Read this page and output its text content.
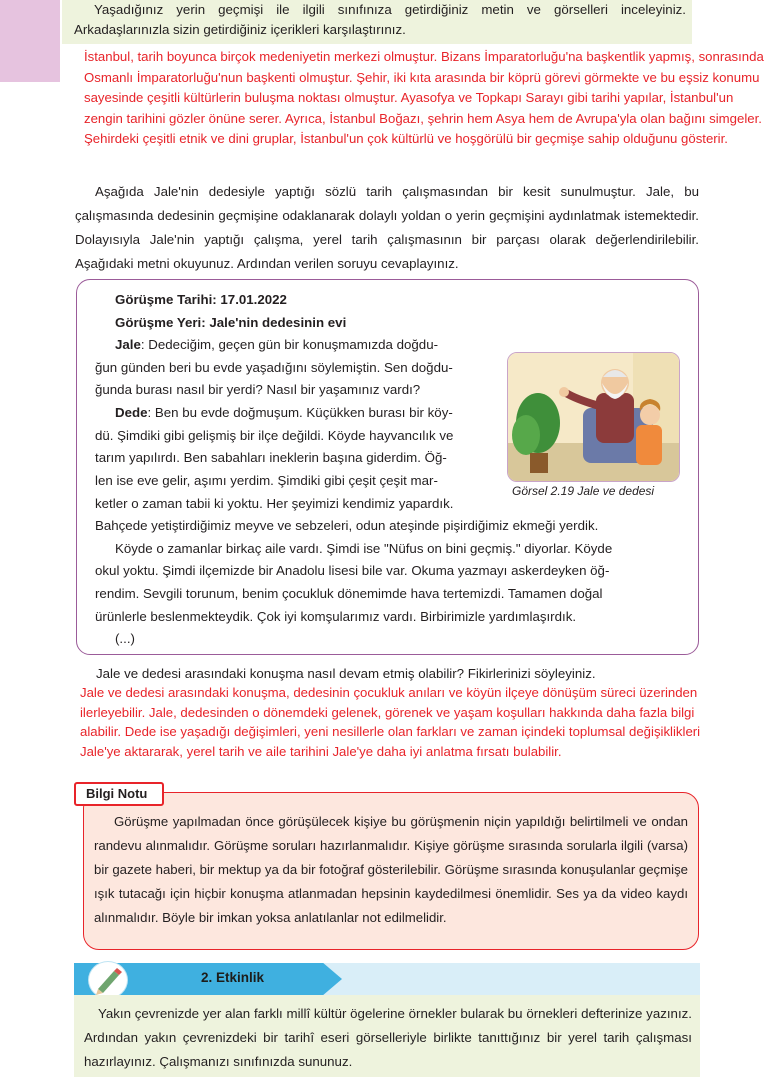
Yaşadığınız yerin geçmişi ile ilgili sınıfınıza getirdiğiniz metin ve görselleri inceleyiniz. Arkadaşlarınızla sizin getirdiğiniz içerikleri karşılaştırınız.
İstanbul, tarih boyunca birçok medeniyetin merkezi olmuştur. Bizans İmparatorluğu'na başkentlik yapmış, sonrasında Osmanlı İmparatorluğu'nun başkenti olmuştur. Şehir, iki kıta arasında bir köprü görevi görmekte ve bu eşsiz konumu sayesinde çeşitli kültürlerin buluşma noktası olmuştur. Ayasofya ve Topkapı Sarayı gibi tarihi yapılar, İstanbul'un zengin tarihini gözler önüne serer. Ayrıca, İstanbul Boğazı, şehrin hem Asya hem de Avrupa'yla olan bağını simgeler. Şehirdeki çeşitli etnik ve dini gruplar, İstanbul'un çok kültürlü ve hoşgörülü bir geçmişe sahip olduğunu gösterir.

Aşağıda Jale'nin dedesiyle yaptığı sözlü tarih çalışmasından bir kesit sunulmuştur. Jale, bu çalışmasında dedesinin geçmişine odaklanarak dolaylı yoldan o yerin geçmişini aydınlatmak istemektedir. Dolayısıyla Jale'nin yaptığı çalışma, yerel tarih çalışmasının bir parçası olarak değerlendirilebilir. Aşağıdaki metni okuyunuz. Ardından verilen soruyu cevaplayınız.

Görüşme Tarihi: 17.01.2022
Görüşme Yeri: Jale'nin dedesinin evi
Jale: Dedeciğim, geçen gün bir konuşmamızda doğdu-
ğun günden beri bu evde yaşadığını söylemiştin. Sen doğdu-
ğunda burası nasıl bir yerdi? Nasıl bir yaşamınız vardı?
Dede: Ben bu evde doğmuşum. Küçükken burası bir köy-
dü. Şimdiki gibi gelişmiş bir ilçe değildi. Köyde hayvancılık ve
tarım yapılırdı. Ben sabahları ineklerin başına giderdim. Öğ-
len ise eve gelir, aşımı yerdim. Şimdiki gibi çeşit çeşit mar-
ketler o zaman tabii ki yoktu. Her şeyimizi kendimiz yapardık.
Bahçede yetiştirdiğimiz meyve ve sebzeleri, odun ateşinde pişirdiğimiz ekmeği yerdik.
Köyde o zamanlar birkaç aile vardı. Şimdi ise "Nüfus on bini geçmiş." diyorlar. Köyde
okul yoktu. Şimdi ilçemizde bir Anadolu lisesi bile var. Okuma yazmayı askerdeyken öğ-
rendim. Sevgili torunum, benim çocukluk dönemimde hava tertemizdi. Tamamen doğal
ürünlerle beslenmekteydik. Çok iyi komşularımız vardı. Birbirimizle yardımlaşırdık.
(...)
Görsel 2.19 Jale ve dedesi

Jale ve dedesi arasındaki konuşma nasıl devam etmiş olabilir? Fikirlerinizi söyleyiniz.

Jale ve dedesi arasındaki konuşma, dedesinin çocukluk anıları ve köyün ilçeye dönüşüm süreci üzerinden ilerleyebilir. Jale, dedesinden o dönemdeki gelenek, görenek ve yaşam koşulları hakkında daha fazla bilgi alabilir. Dede ise yaşadığı değişimleri, yeni nesillerle olan farkları ve zaman içindeki toplumsal değişiklikleri Jale'ye aktararak, yerel tarih ve aile tarihini Jale'ye daha iyi anlatma fırsatı bulabilir.

Görüşme yapılmadan önce görüşülecek kişiye bu görüşmenin niçin yapıldığı belirtilmeli ve ondan randevu alınmalıdır. Görüşme soruları hazırlanmalıdır. Kişiye görüşme sırasında sorularla ilgili (varsa) bir gazete haberi, bir mektup ya da bir fotoğraf gösterilebilir. Görüşme sırasında konuşulanlar geçmişe ışık tutacağı için hiçbir konuşma atlanmadan hepsinin kaydedilmesi önemlidir. Ses ya da video kaydı alınmalıdır. Böyle bir imkan yoksa anlatılanlar not edilmelidir.

Bilgi Notu
2. Etkinlik

Yakın çevrenizde yer alan farklı millî kültür ögelerine örnekler bularak bu örnekleri defterinize yazınız. Ardından yakın çevrenizdeki bir tarihî eseri görselleriyle birlikte tanıttığınız bir yerel tarih çalışması hazırlayınız. Çalışmanızı sınıfınızda sununuz.
